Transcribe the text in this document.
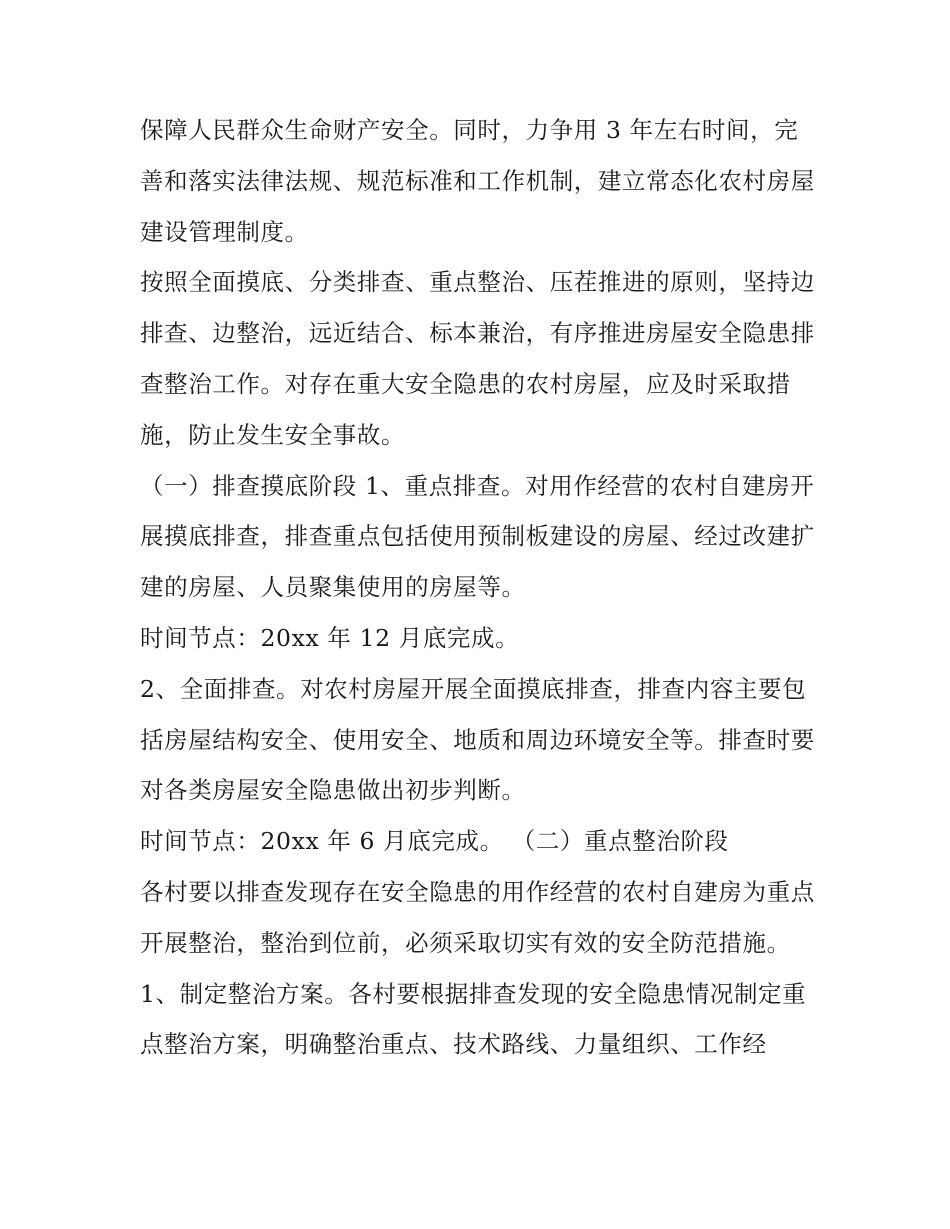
保障人民群众生命财产安全。同时，力争用 3 年左右时间，完善和落实法律法规、规范标准和工作机制，建立常态化农村房屋建设管理制度。

按照全面摸底、分类排查、重点整治、压茬推进的原则，坚持边排查、边整治，远近结合、标本兼治，有序推进房屋安全隐患排查整治工作。对存在重大安全隐患的农村房屋，应及时采取措施，防止发生安全事故。

（一）排查摸底阶段 1、重点排查。对用作经营的农村自建房开展摸底排查，排查重点包括使用预制板建设的房屋、经过改建扩建的房屋、人员聚集使用的房屋等。

时间节点：20xx 年 12 月底完成。

2、全面排查。对农村房屋开展全面摸底排查，排查内容主要包括房屋结构安全、使用安全、地质和周边环境安全等。排查时要对各类房屋安全隐患做出初步判断。

时间节点：20xx 年 6 月底完成。 （二）重点整治阶段

各村要以排查发现存在安全隐患的用作经营的农村自建房为重点开展整治，整治到位前，必须采取切实有效的安全防范措施。

1、制定整治方案。各村要根据排查发现的安全隐患情况制定重点整治方案，明确整治重点、技术路线、力量组织、工作经
